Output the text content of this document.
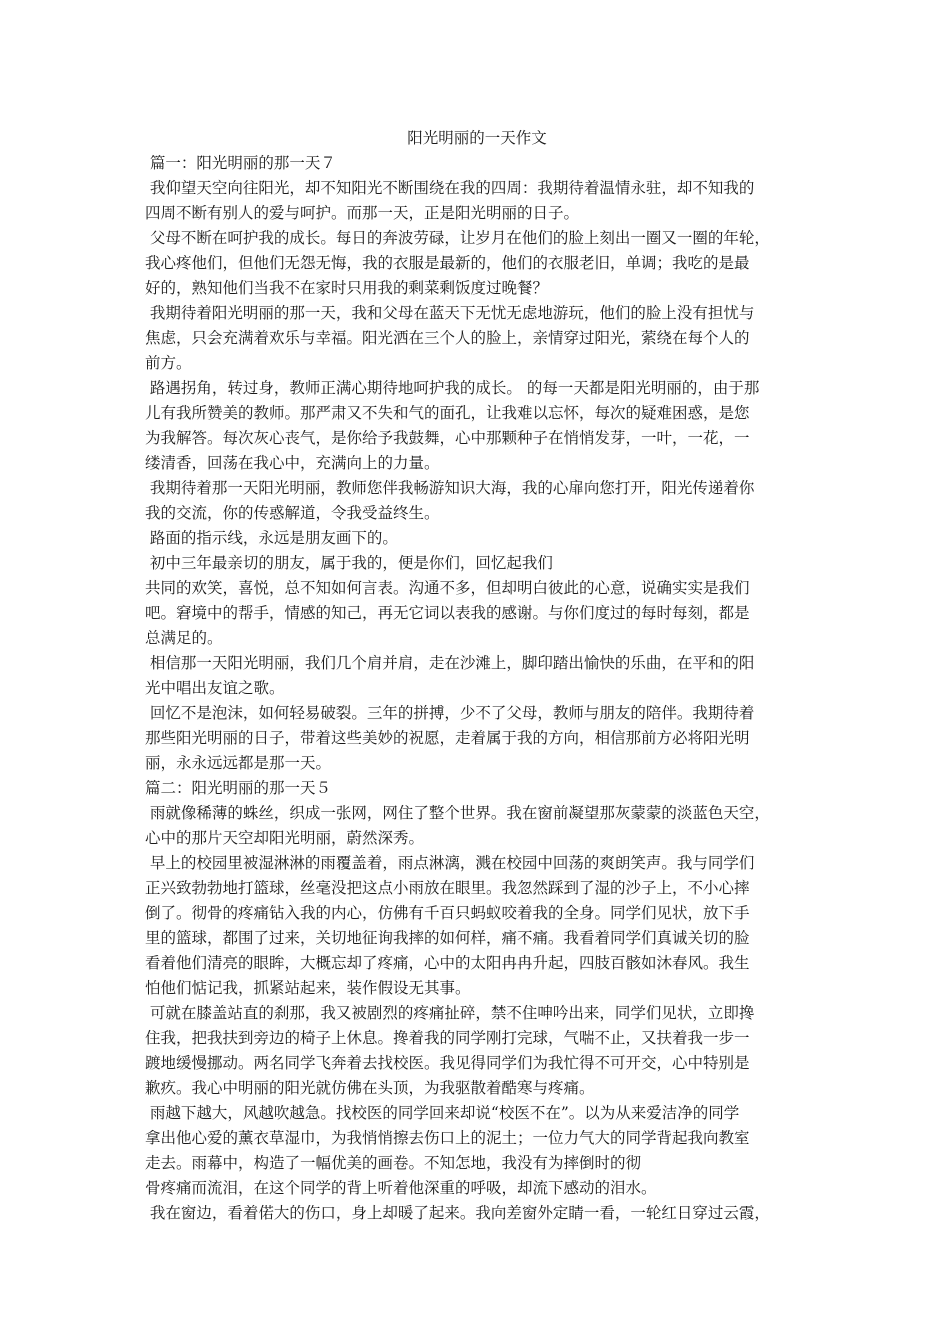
阳光明丽的一天作文
篇一：阳光明丽的那一天７
我仰望天空向往阳光，却不知阳光不断围绕在我的四周：我期待着温情永驻，却不知我的
四周不断有别人的爱与呵护。而那一天，正是阳光明丽的日子。
父母不断在呵护我的成长。每日的奔波劳碌，让岁月在他们的脸上刻出一圈又一圈的年轮，
我心疼他们，但他们无怨无悔，我的衣服是最新的，他们的衣服老旧，单调；我吃的是最
好的，熟知他们当我不在家时只用我的剩菜剩饭度过晚餐？
我期待着阳光明丽的那一天，我和父母在蓝天下无忧无虑地游玩，他们的脸上没有担忧与
焦虑，只会充满着欢乐与幸福。阳光洒在三个人的脸上，亲情穿过阳光，萦绕在每个人的
前方。
路遇拐角，转过身，教师正满心期待地呵护我的成长。 的每一天都是阳光明丽的，由于那
儿有我所赞美的教师。那严肃又不失和气的面孔，让我难以忘怀，每次的疑难困惑，是您
为我解答。每次灰心丧气，是你给予我鼓舞，心中那颗种子在悄悄发芽，一叶，一花，一
缕清香，回荡在我心中，充满向上的力量。
我期待着那一天阳光明丽，教师您伴我畅游知识大海，我的心扉向您打开，阳光传递着你
我的交流，你的传惑解道，令我受益终生。
路面的指示线，永远是朋友画下的。
初中三年最亲切的朋友，属于我的，便是你们，回忆起我们
共同的欢笑，喜悦，总不知如何言表。沟通不多，但却明白彼此的心意，说确实实是我们
吧。窘境中的帮手，情感的知己，再无它词以表我的感谢。与你们度过的每时每刻，都是
总满足的。
相信那一天阳光明丽，我们几个肩并肩，走在沙滩上，脚印踏出愉快的乐曲，在平和的阳
光中唱出友谊之歌。
回忆不是泡沫，如何轻易破裂。三年的拼搏，少不了父母，教师与朋友的陪伴。我期待着
那些阳光明丽的日子，带着这些美妙的祝愿，走着属于我的方向，相信那前方必将阳光明
丽，永永远远都是那一天。
篇二：阳光明丽的那一天５
雨就像稀薄的蛛丝，织成一张网，网住了整个世界。我在窗前凝望那灰蒙蒙的淡蓝色天空，
心中的那片天空却阳光明丽，蔚然深秀。
早上的校园里被湿淋淋的雨覆盖着，雨点淋漓，溅在校园中回荡的爽朗笑声。我与同学们
正兴致勃勃地打篮球，丝毫没把这点小雨放在眼里。我忽然踩到了湿的沙子上，不小心摔
倒了。彻骨的疼痛钻入我的内心，仿佛有千百只蚂蚁咬着我的全身。同学们见状，放下手
里的篮球，都围了过来，关切地征询我摔的如何样，痛不痛。我看着同学们真诚关切的脸
看着他们清亮的眼眸，大概忘却了疼痛，心中的太阳冉冉升起，四肢百骸如沐春风。我生
怕他们惦记我，抓紧站起来，装作假设无其事。
可就在膝盖站直的刹那，我又被剧烈的疼痛扯碎，禁不住呻吟出来，同学们见状，立即搀
住我，把我扶到旁边的椅子上休息。搀着我的同学刚打完球，气喘不止，又扶着我一步一
踱地缓慢挪动。两名同学飞奔着去找校医。我见得同学们为我忙得不可开交，心中特别是
歉疚。我心中明丽的阳光就仿佛在头顶，为我驱散着酷寒与疼痛。
雨越下越大，风越吹越急。找校医的同学回来却说“校医不在”。以为从来爱洁净的同学
拿出他心爱的薰衣草湿巾，为我悄悄擦去伤口上的泥土；一位力气大的同学背起我向教室
走去。雨幕中，构造了一幅优美的画卷。不知怎地，我没有为摔倒时的彻
骨疼痛而流泪，在这个同学的背上听着他深重的呼吸，却流下感动的泪水。
我在窗边，看着偌大的伤口，身上却暖了起来。我向差窗外定睛一看，一轮红日穿过云霞，
